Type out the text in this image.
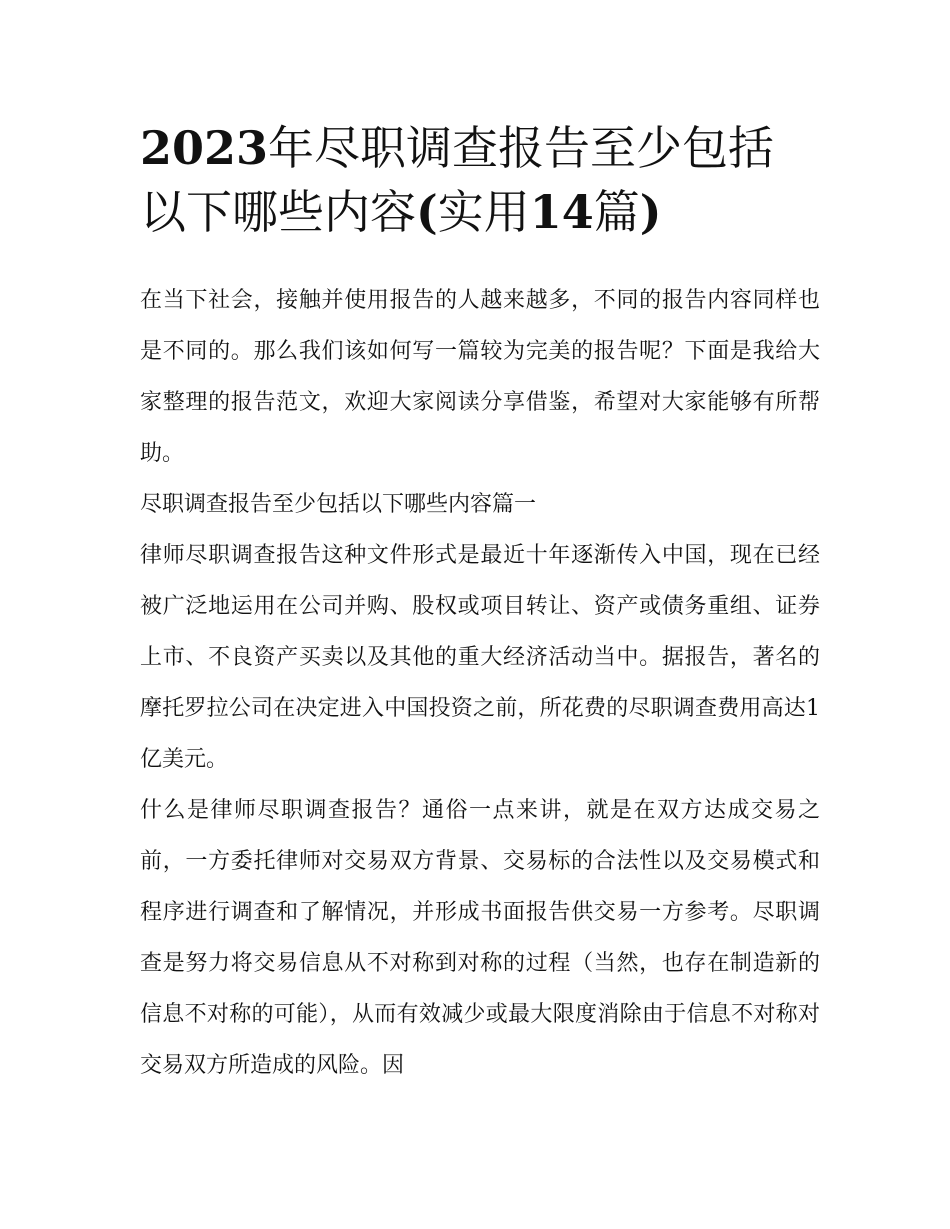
2023年尽职调查报告至少包括以下哪些内容(实用14篇)

在当下社会，接触并使用报告的人越来越多，不同的报告内容同样也是不同的。那么我们该如何写一篇较为完美的报告呢？下面是我给大家整理的报告范文，欢迎大家阅读分享借鉴，希望对大家能够有所帮助。

尽职调查报告至少包括以下哪些内容篇一

律师尽职调查报告这种文件形式是最近十年逐渐传入中国，现在已经被广泛地运用在公司并购、股权或项目转让、资产或债务重组、证券上市、不良资产买卖以及其他的重大经济活动当中。据报告，著名的摩托罗拉公司在决定进入中国投资之前，所花费的尽职调查费用高达1亿美元。

什么是律师尽职调查报告？通俗一点来讲，就是在双方达成交易之前，一方委托律师对交易双方背景、交易标的合法性以及交易模式和程序进行调查和了解情况，并形成书面报告供交易一方参考。尽职调查是努力将交易信息从不对称到对称的过程（当然，也存在制造新的信息不对称的可能），从而有效减少或最大限度消除由于信息不对称对交易双方所造成的风险。因
